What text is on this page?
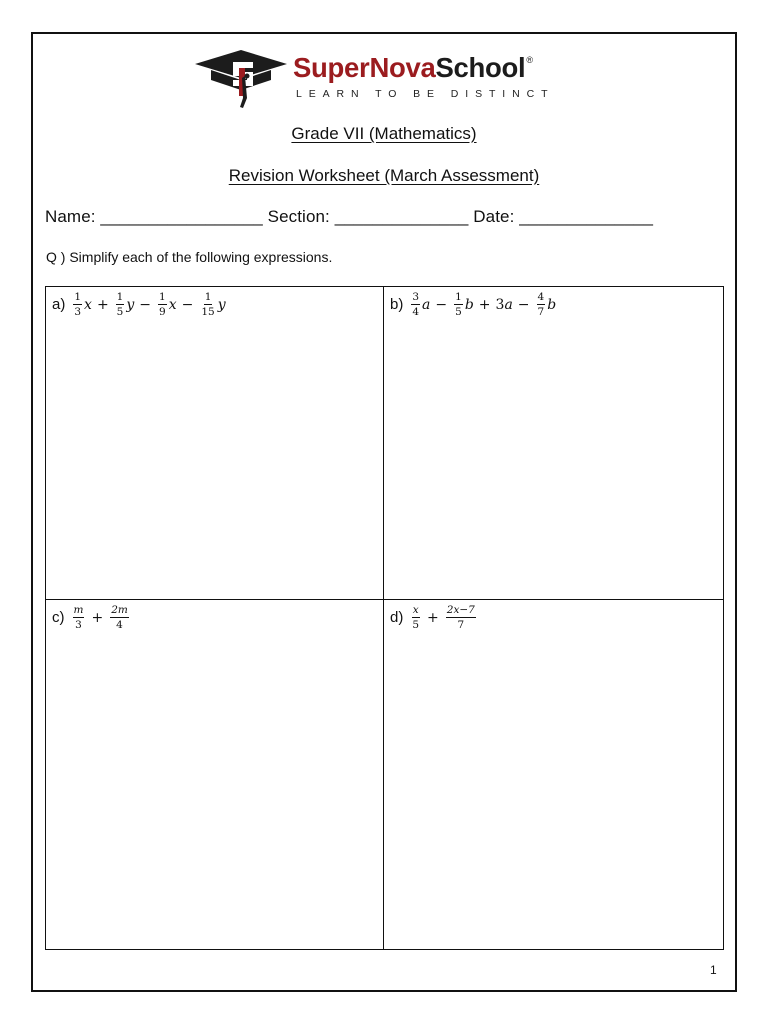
SuperNovaSchool®
LEARN TO BE DISTINCT
Grade VII (Mathematics)
Revision Worksheet (March Assessment)
Name: _________________ Section: ______________ Date: ______________
Q ) Simplify each of the following expressions.
$a) \frac{1}{3}$ $x + \frac{1}{5}$ $y - \frac{1}{9}$ $x - \frac{1}{15}$ y	$b) \frac{3}{4}$ $a - \frac{1}{5}$ b + 3 $a - \frac{4}{7}$ b
$c) \frac{m}{3} + \frac{2m}{4}$	$d) \frac{x}{5} + \frac{2x-7}{7}$
1
